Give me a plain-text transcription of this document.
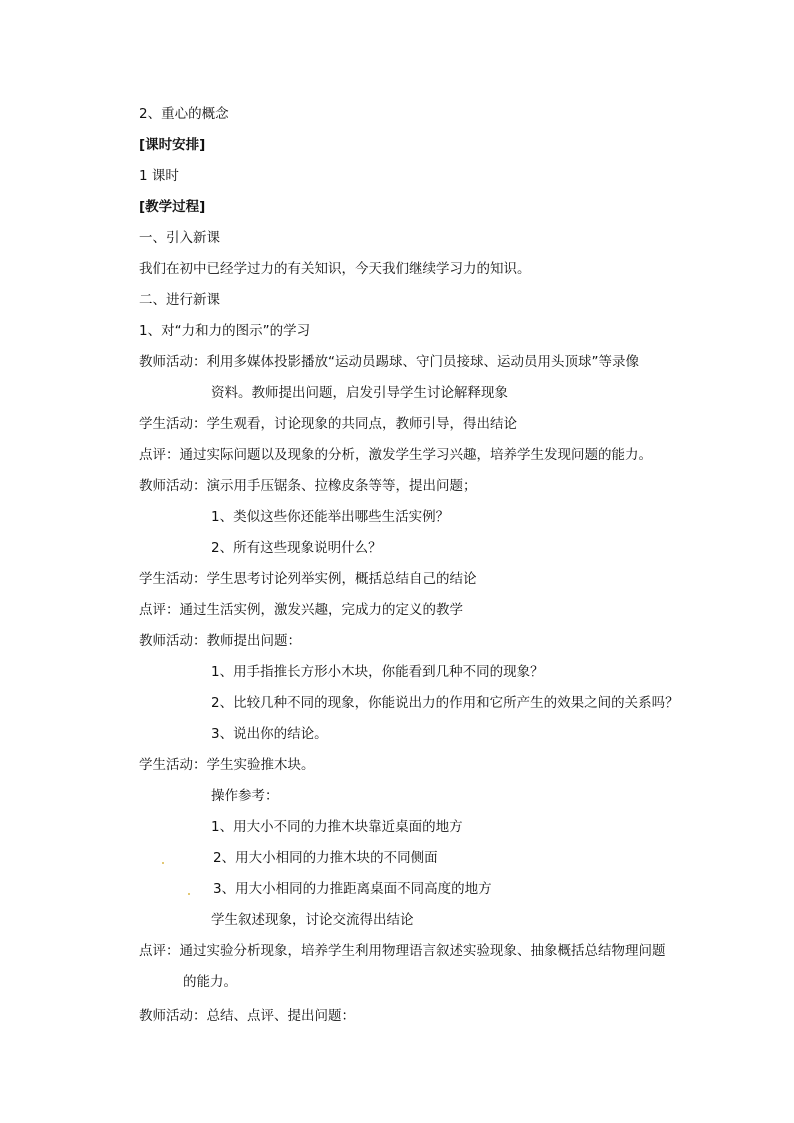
2、重心的概念
[课时安排]
1 课时
[教学过程]
一、引入新课
我们在初中已经学过力的有关知识，今天我们继续学习力的知识。
二、进行新课
1、对“力和力的图示”的学习
教师活动：利用多媒体投影播放“运动员踢球、守门员接球、运动员用头顶球”等录像
资料。教师提出问题，启发引导学生讨论解释现象
学生活动：学生观看，讨论现象的共同点，教师引导，得出结论
点评：通过实际问题以及现象的分析，激发学生学习兴趣，培养学生发现问题的能力。
教师活动：演示用手压锯条、拉橡皮条等等，提出问题；
1、类似这些你还能举出哪些生活实例？
2、所有这些现象说明什么？
学生活动：学生思考讨论列举实例，概括总结自己的结论
点评：通过生活实例，激发兴趣，完成力的定义的教学
教师活动：教师提出问题：
1、用手指推长方形小木块，你能看到几种不同的现象？
2、比较几种不同的现象，你能说出力的作用和它所产生的效果之间的关系吗？
3、说出你的结论。
学生活动：学生实验推木块。
操作参考：
1、用大小不同的力推木块靠近桌面的地方
2、用大小相同的力推木块的不同侧面
3、用大小相同的力推距离桌面不同高度的地方
学生叙述现象，讨论交流得出结论
点评：通过实验分析现象，培养学生利用物理语言叙述实验现象、抽象概括总结物理问题
的能力。
教师活动：总结、点评、提出问题：
